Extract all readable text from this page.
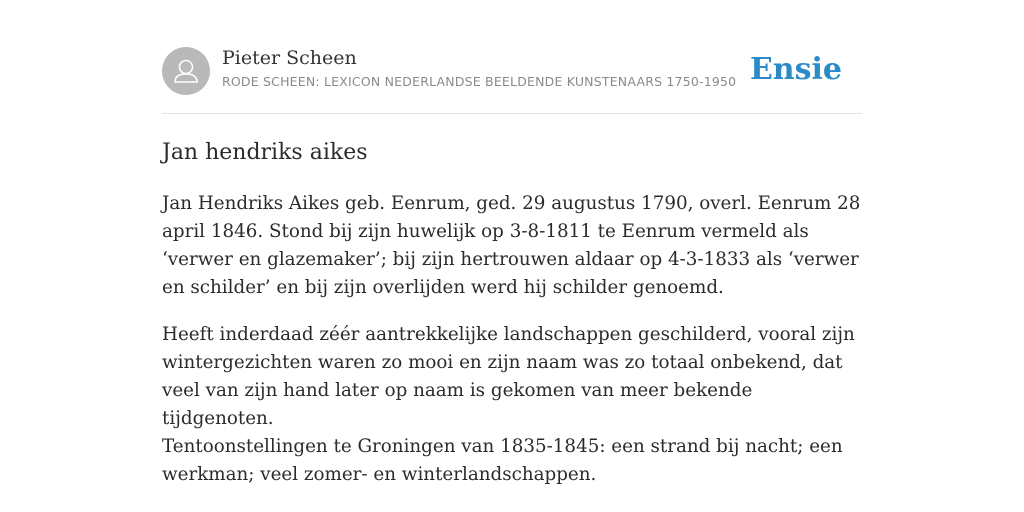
Pieter Scheen
RODE SCHEEN: LEXICON NEDERLANDSE BEELDENDE KUNSTENAARS 1750-1950 Ensie
Jan hendriks aikes

Jan Hendriks Aikes geb. Eenrum, ged. 29 augustus 1790, overl. Eenrum 28 april 1846. Stond bij zijn huwelijk op 3-8-1811 te Eenrum vermeld als ‘verwer en glazemaker’; bij zijn hertrouwen aldaar op 4-3-1833 als ‘verwer en schilder’ en bij zijn overlijden werd hij schilder genoemd.

Heeft inderdaad zéér aantrekkelijke landschappen geschilderd, vooral zijn wintergezichten waren zo mooi en zijn naam was zo totaal onbekend, dat veel van zijn hand later op naam is gekomen van meer bekende tijdgenoten.

Tentoonstellingen te Groningen van 1835-1845: een strand bij nacht; een werkman; veel zomer- en winterlandschappen.
